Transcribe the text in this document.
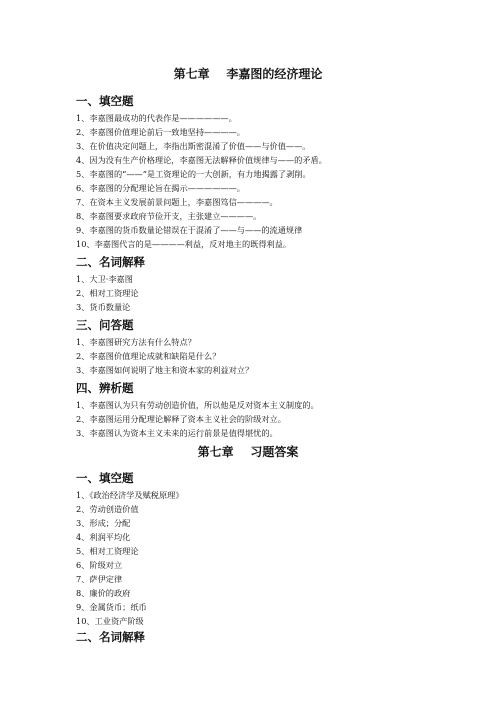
第七章    李嘉图的经济理论
一、填空题
1、李嘉图最成功的代表作是——————。
2、李嘉图价值理论前后一致地坚持————。
3、在价值决定问题上，李指出斯密混淆了价值——与价值——。
4、因为没有生产价格理论，李嘉图无法解释价值规律与——的矛盾。
5、李嘉图的“——”是工资理论的一大创新，有力地揭露了剥削。
6、李嘉图的分配理论旨在揭示——————。
7、在资本主义发展前景问题上，李嘉图笃信————。
8、李嘉图要求政府节俭开支，主张建立————。
9、李嘉图的货币数量论错误在于混淆了——与——的流通规律
10、李嘉图代言的是————利益，反对地主的既得利益。
二、名词解释
1、大卫·李嘉图
2、相对工资理论
3、货币数量论
三、问答题
1、李嘉图研究方法有什么特点？
2、李嘉图价值理论成就和缺陷是什么？
3、李嘉图如何说明了地主和资本家的利益对立？
四、辨析题
1、李嘉图认为只有劳动创造价值，所以他是反对资本主义制度的。
2、李嘉图运用分配理论解释了资本主义社会的阶级对立。
3、李嘉图认为资本主义未来的运行前景是值得堪忧的。
第七章    习题答案
一、填空题
1、《政治经济学及赋税原理》
2、劳动创造价值
3、形成；分配
4、利润平均化
5、相对工资理论
6、阶级对立
7、萨伊定律
8、廉价的政府
9、金属货币；纸币
10、工业资产阶级
二、名词解释
